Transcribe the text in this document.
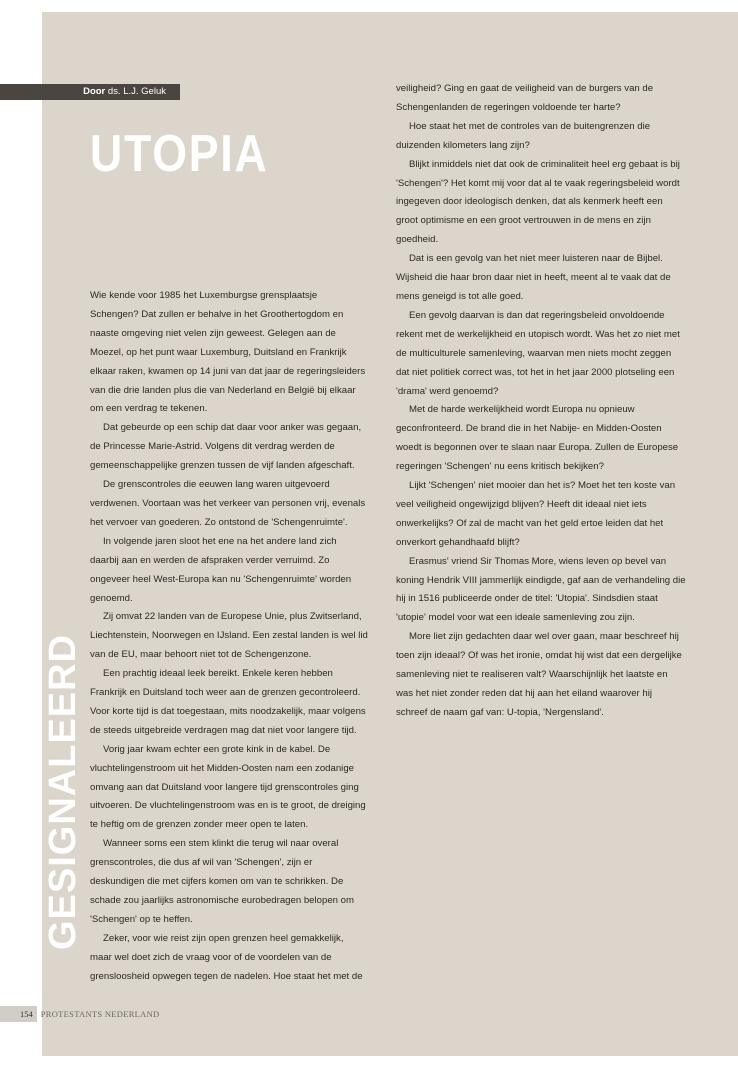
Door ds. L.J. Geluk
UTOPIA
GESIGNALEERD

Wie kende voor 1985 het Luxemburgse grensplaatsje Schengen? Dat zullen er behalve in het Groothertogdom en naaste omgeving niet velen zijn geweest. Gelegen aan de Moezel, op het punt waar Luxemburg, Duitsland en Frankrijk elkaar raken, kwamen op 14 juni van dat jaar de regeringsleiders van die drie landen plus die van Nederland en België bij elkaar om een verdrag te tekenen.

Dat gebeurde op een schip dat daar voor anker was gegaan, de Princesse Marie-Astrid. Volgens dit verdrag werden de gemeenschappelijke grenzen tussen de vijf landen afgeschaft.

De grenscontroles die eeuwen lang waren uitgevoerd verdwenen. Voortaan was het verkeer van personen vrij, evenals het vervoer van goederen. Zo ontstond de 'Schengenruimte'.

In volgende jaren sloot het ene na het andere land zich daarbij aan en werden de afspraken verder verruimd. Zo ongeveer heel West-Europa kan nu 'Schengenruimte' worden genoemd.

Zij omvat 22 landen van de Europese Unie, plus Zwitserland, Liechtenstein, Noorwegen en IJsland. Een zestal landen is wel lid van de EU, maar behoort niet tot de Schengenzone.

Een prachtig ideaal leek bereikt. Enkele keren hebben Frankrijk en Duitsland toch weer aan de grenzen gecontroleerd. Voor korte tijd is dat toegestaan, mits noodzakelijk, maar volgens de steeds uitgebreide verdragen mag dat niet voor langere tijd.

Vorig jaar kwam echter een grote kink in de kabel. De vluchtelingenstroom uit het Midden-Oosten nam een zodanige omvang aan dat Duitsland voor langere tijd grenscontroles ging uitvoeren. De vluchtelingenstroom was en is te groot, de dreiging te heftig om de grenzen zonder meer open te laten.

Wanneer soms een stem klinkt die terug wil naar overal grenscontroles, die dus af wil van 'Schengen', zijn er deskundigen die met cijfers komen om van te schrikken. De schade zou jaarlijks astronomische eurobedragen belopen om 'Schengen' op te heffen.

Zeker, voor wie reist zijn open grenzen heel gemakkelijk, maar wel doet zich de vraag voor of de voordelen van de grensloosheid opwegen tegen de nadelen. Hoe staat het met de

veiligheid? Ging en gaat de veiligheid van de burgers van de Schengenlanden de regeringen voldoende ter harte?

Hoe staat het met de controles van de buitengrenzen die duizenden kilometers lang zijn?

Blijkt inmiddels niet dat ook de criminaliteit heel erg gebaat is bij 'Schengen'? Het komt mij voor dat al te vaak regeringsbeleid wordt ingegeven door ideologisch denken, dat als kenmerk heeft een groot optimisme en een groot vertrouwen in de mens en zijn goedheid.

Dat is een gevolg van het niet meer luisteren naar de Bijbel. Wijsheid die haar bron daar niet in heeft, meent al te vaak dat de mens geneigd is tot alle goed.

Een gevolg daarvan is dan dat regeringsbeleid onvoldoende rekent met de werkelijkheid en utopisch wordt. Was het zo niet met de multiculturele samenleving, waarvan men niets mocht zeggen dat niet politiek correct was, tot het in het jaar 2000 plotseling een 'drama' werd genoemd?

Met de harde werkelijkheid wordt Europa nu opnieuw geconfronteerd. De brand die in het Nabije- en Midden-Oosten woedt is begonnen over te slaan naar Europa. Zullen de Europese regeringen 'Schengen' nu eens kritisch bekijken?

Lijkt 'Schengen' niet mooier dan het is? Moet het ten koste van veel veiligheid ongewijzigd blijven? Heeft dit ideaal niet iets onwerkelijks? Of zal de macht van het geld ertoe leiden dat het onverkort gehandhaafd blijft?

Erasmus' vriend Sir Thomas More, wiens leven op bevel van koning Hendrik VIII jammerlijk eindigde, gaf aan de verhandeling die hij in 1516 publiceerde onder de titel: 'Utopia'. Sindsdien staat 'utopie' model voor wat een ideale samenleving zou zijn.

More liet zijn gedachten daar wel over gaan, maar beschreef hij toen zijn ideaal? Of was het ironie, omdat hij wist dat een dergelijke samenleving niet te realiseren valt? Waarschijnlijk het laatste en was het niet zonder reden dat hij aan het eiland waarover hij schreef de naam gaf van: U-topia, 'Nergensland'.

154 PROTESTANTS NEDERLAND
